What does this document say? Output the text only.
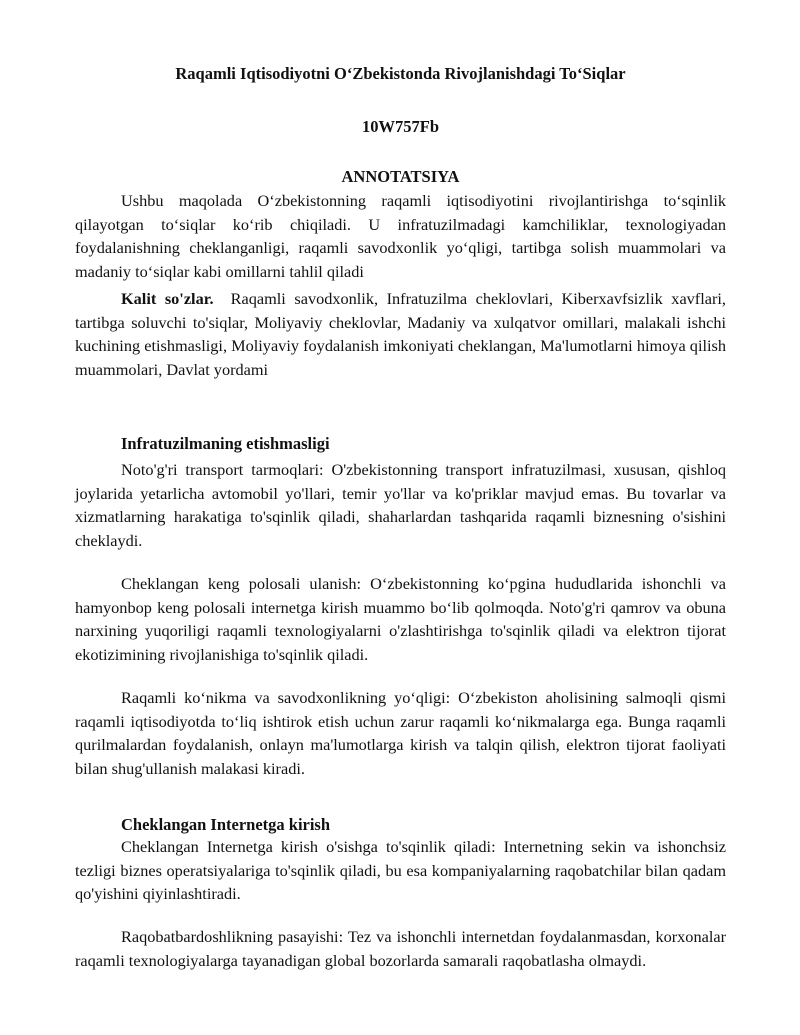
Raqamli Iqtisodiyotni O‘Zbekistonda Rivojlanishdagi To‘Siqlar
10W757Fb
ANNOTATSIYA

Ushbu maqolada O‘zbekistonning raqamli iqtisodiyotini rivojlantirishga to‘sqinlik qilayotgan to‘siqlar ko‘rib chiqiladi. U infratuzilmadagi kamchiliklar, texnologiyadan foydalanishning cheklanganligi, raqamli savodxonlik yo‘qligi, tartibga solish muammolari va madaniy to‘siqlar kabi omillarni tahlil qiladi

Kalit so'zlar. Raqamli savodxonlik, Infratuzilma cheklovlari, Kiberxavfsizlik xavflari, tartibga soluvchi to'siqlar, Moliyaviy cheklovlar, Madaniy va xulqatvor omillari, malakali ishchi kuchining etishmasligi, Moliyaviy foydalanish imkoniyati cheklangan, Ma'lumotlarni himoya qilish muammolari, Davlat yordami

Infratuzilmaning etishmasligi

Noto'g'ri transport tarmoqlari: O'zbekistonning transport infratuzilmasi, xususan, qishloq joylarida yetarlicha avtomobil yo'llari, temir yo'llar va ko'priklar mavjud emas. Bu tovarlar va xizmatlarning harakatiga to'sqinlik qiladi, shaharlardan tashqarida raqamli biznesning o'sishini cheklaydi.

Cheklangan keng polosali ulanish: O‘zbekistonning ko‘pgina hududlarida ishonchli va hamyonbop keng polosali internetga kirish muammo bo‘lib qolmoqda. Noto'g'ri qamrov va obuna narxining yuqoriligi raqamli texnologiyalarni o'zlashtirishga to'sqinlik qiladi va elektron tijorat ekotizimining rivojlanishiga to'sqinlik qiladi.

Raqamli ko‘nikma va savodxonlikning yo‘qligi: O‘zbekiston aholisining salmoqli qismi raqamli iqtisodiyotda to‘liq ishtirok etish uchun zarur raqamli ko‘nikmalarga ega. Bunga raqamli qurilmalardan foydalanish, onlayn ma'lumotlarga kirish va talqin qilish, elektron tijorat faoliyati bilan shug'ullanish malakasi kiradi.

Cheklangan Internetga kirish

Cheklangan Internetga kirish o'sishga to'sqinlik qiladi: Internetning sekin va ishonchsiz tezligi biznes operatsiyalariga to'sqinlik qiladi, bu esa kompaniyalarning raqobatchilar bilan qadam qo'yishini qiyinlashtiradi.

Raqobatbardoshlikning pasayishi: Tez va ishonchli internetdan foydalanmasdan, korxonalar raqamli texnologiyalarga tayanadigan global bozorlarda samarali raqobatlasha olmaydi.
